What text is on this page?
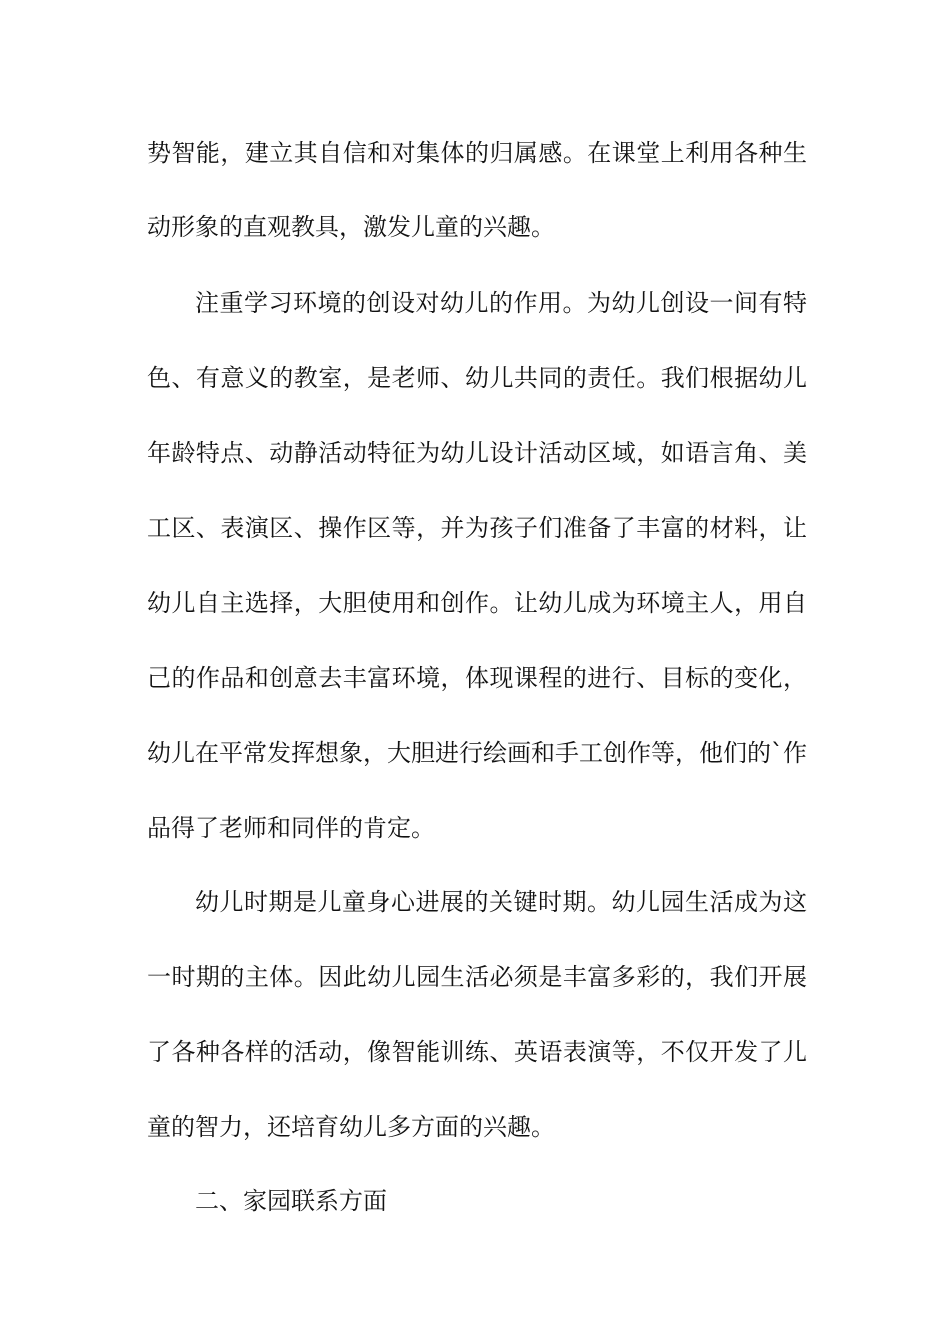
势智能，建立其自信和对集体的归属感。在课堂上利用各种生
动形象的直观教具，激发儿童的兴趣。
注重学习环境的创设对幼儿的作用。为幼儿创设一间有特
色、有意义的教室，是老师、幼儿共同的责任。我们根据幼儿
年龄特点、动静活动特征为幼儿设计活动区域，如语言角、美
工区、表演区、操作区等，并为孩子们准备了丰富的材料，让
幼儿自主选择，大胆使用和创作。让幼儿成为环境主人，用自
己的作品和创意去丰富环境，体现课程的进行、目标的变化，
幼儿在平常发挥想象，大胆进行绘画和手工创作等，他们的`作
品得了老师和同伴的肯定。
幼儿时期是儿童身心进展的关键时期。幼儿园生活成为这
一时期的主体。因此幼儿园生活必须是丰富多彩的，我们开展
了各种各样的活动，像智能训练、英语表演等，不仅开发了儿
童的智力，还培育幼儿多方面的兴趣。
二、家园联系方面
